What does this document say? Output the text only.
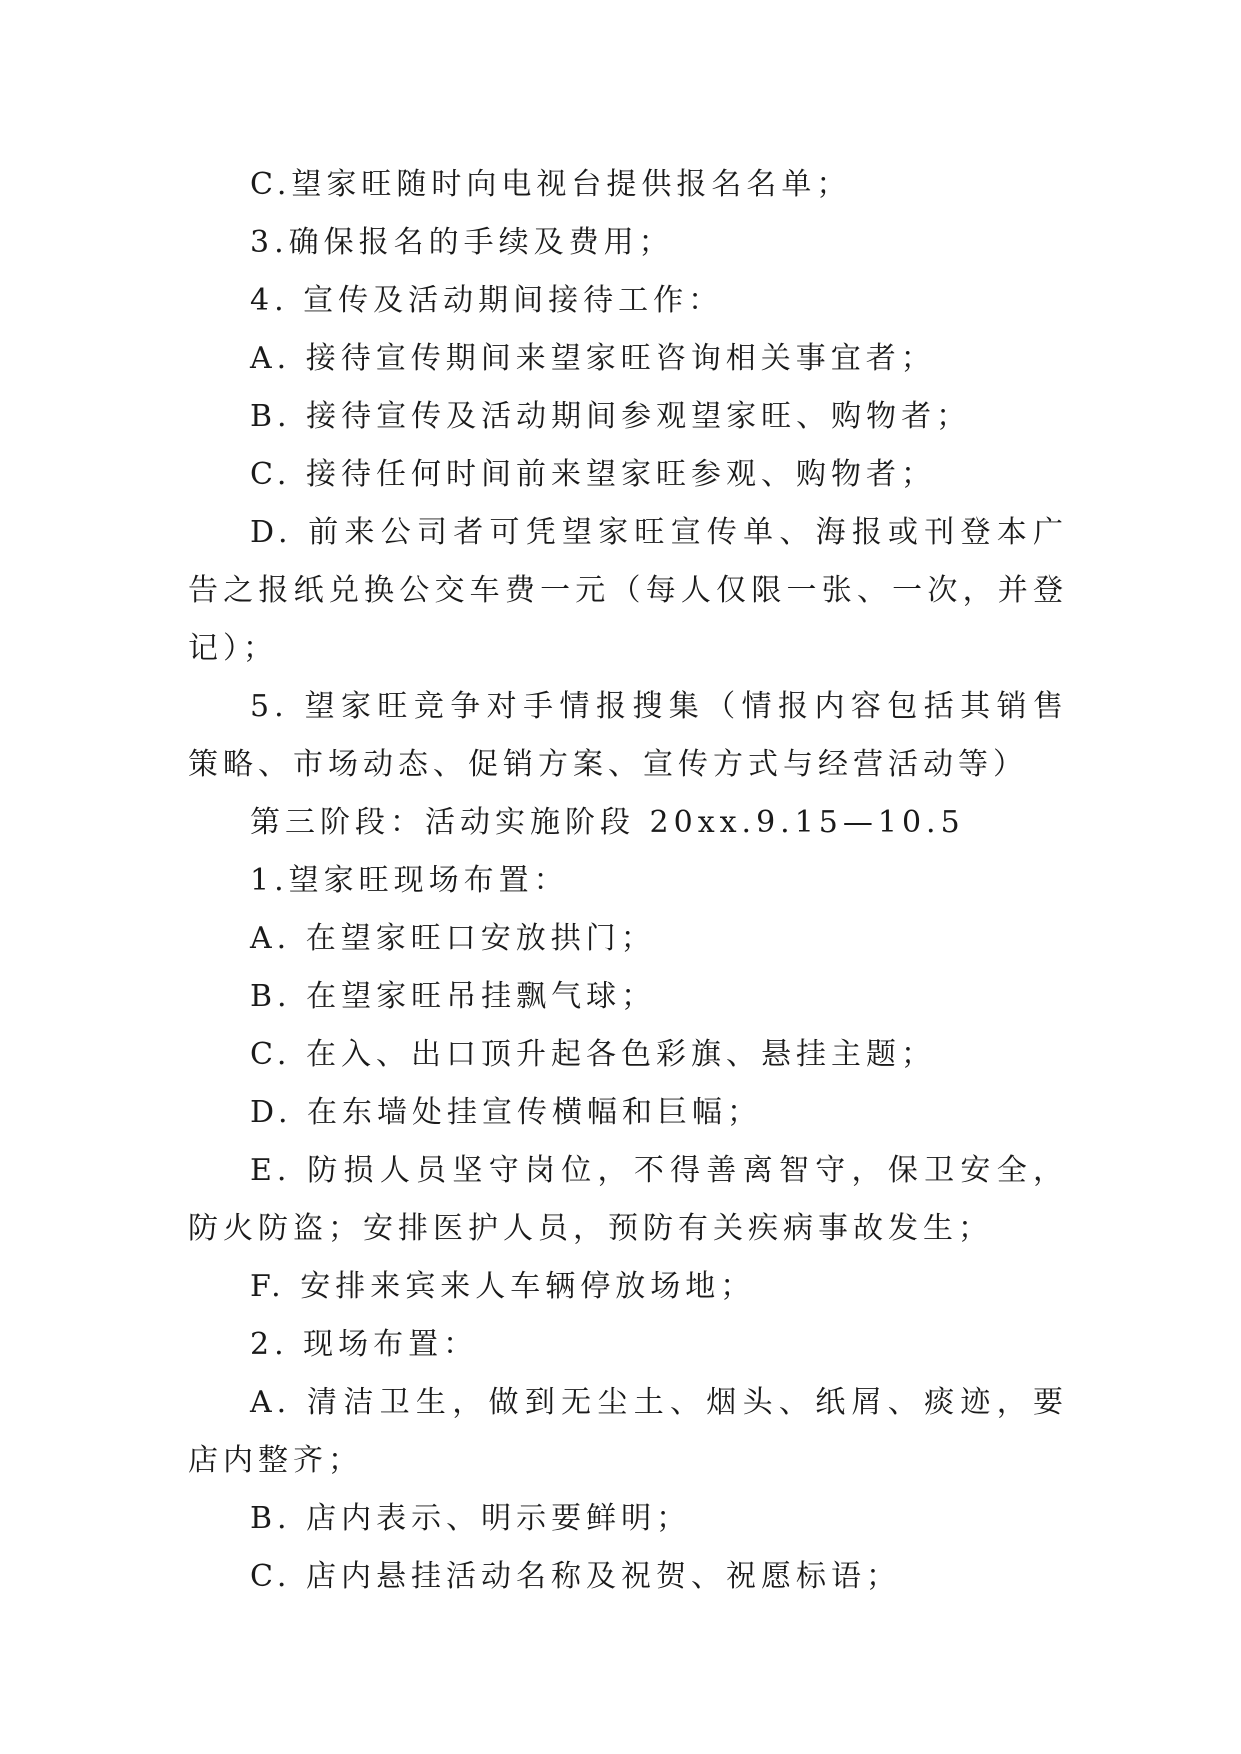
C.望家旺随时向电视台提供报名名单；

3.确保报名的手续及费用；

4. 宣传及活动期间接待工作：

A. 接待宣传期间来望家旺咨询相关事宜者；

B. 接待宣传及活动期间参观望家旺、购物者；

C. 接待任何时间前来望家旺参观、购物者；

D. 前来公司者可凭望家旺宣传单、海报或刊登本广告之报纸兑换公交车费一元（每人仅限一张、一次，并登记）；

5. 望家旺竞争对手情报搜集（情报内容包括其销售策略、市场动态、促销方案、宣传方式与经营活动等）

第三阶段：活动实施阶段 20xx.9.15—10.5

1.望家旺现场布置：

A. 在望家旺口安放拱门；

B. 在望家旺吊挂飘气球；

C. 在入、出口顶升起各色彩旗、悬挂主题；

D. 在东墙处挂宣传横幅和巨幅；

E. 防损人员坚守岗位，不得善离智守，保卫安全，防火防盗；安排医护人员，预防有关疾病事故发生；

F. 安排来宾来人车辆停放场地；

2. 现场布置：

A. 清洁卫生，做到无尘土、烟头、纸屑、痰迹，要店内整齐；

B. 店内表示、明示要鲜明；

C. 店内悬挂活动名称及祝贺、祝愿标语；
